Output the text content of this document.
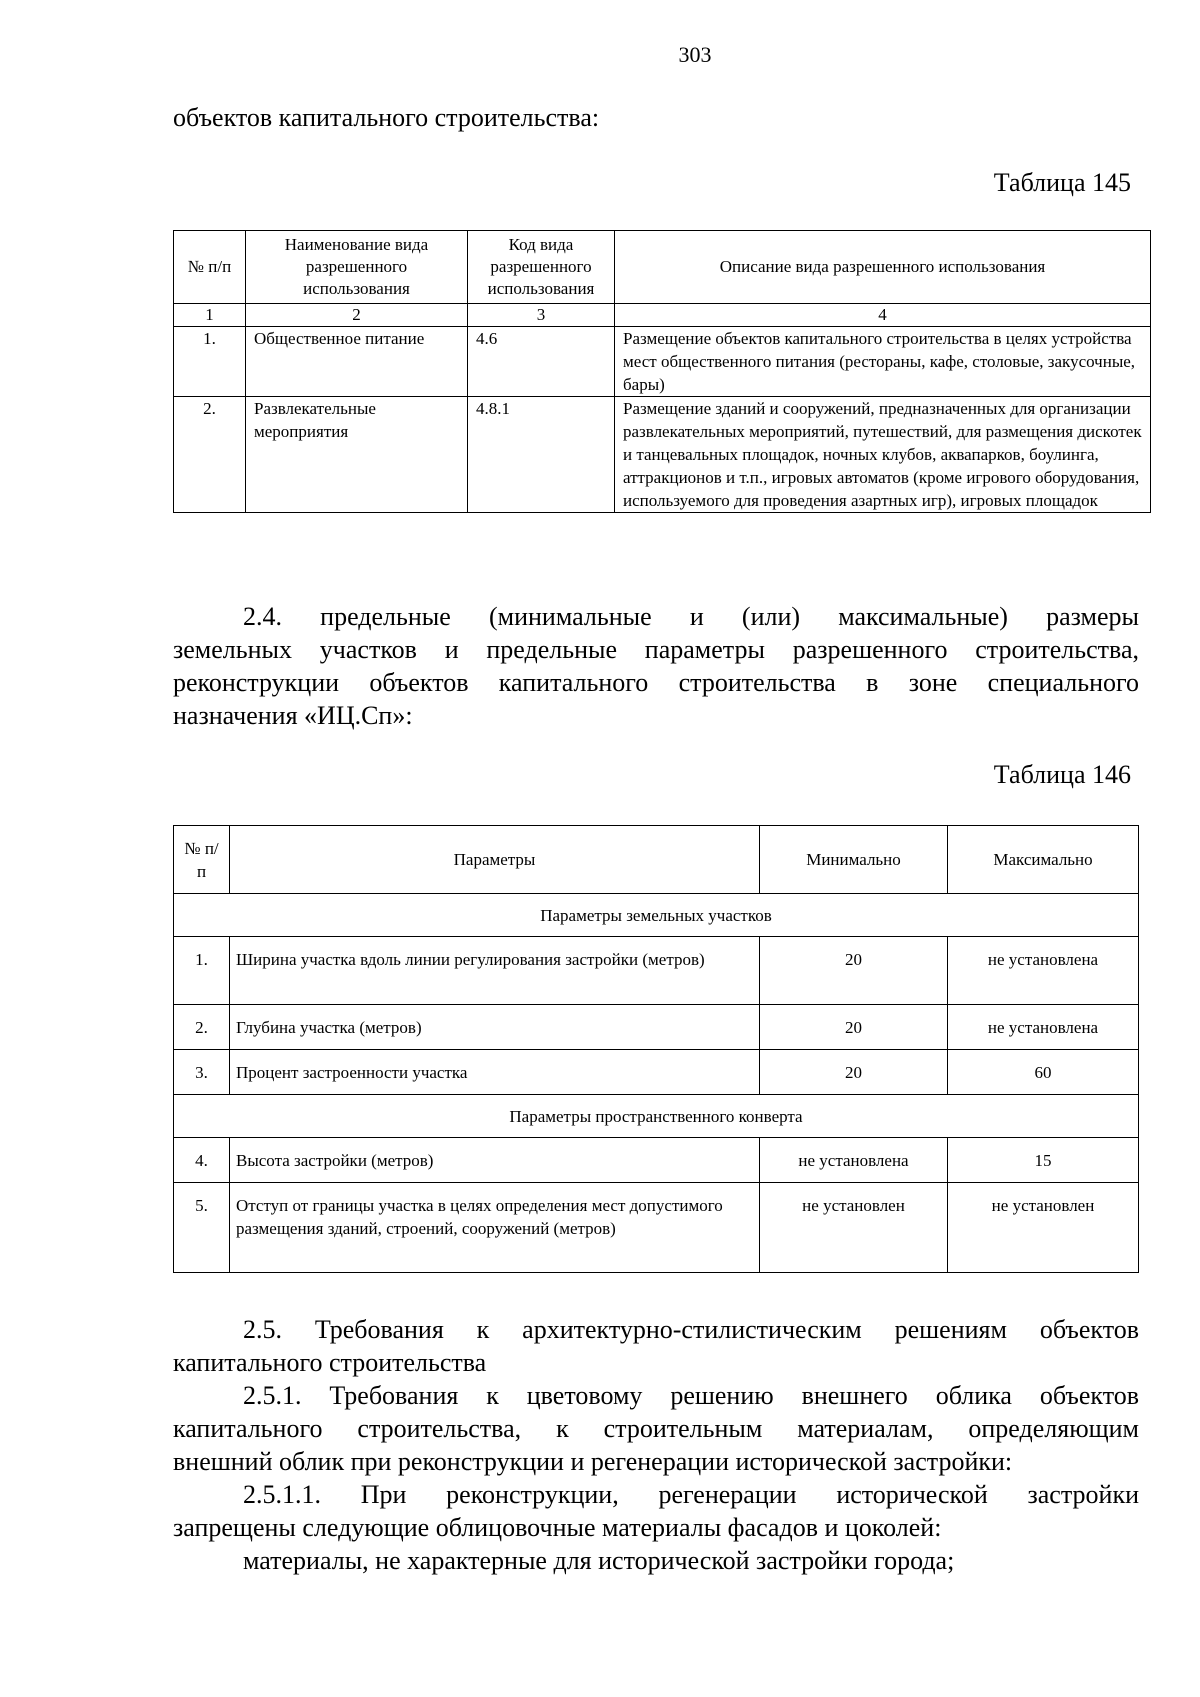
303
объектов капитального строительства:
Таблица 145
№ п/п	Наименование вида разрешенного использования	Код вида разрешенного использования	Описание вида разрешенного использования
1	2	3	4
1.	Общественное питание	4.6	Размещение объектов капитального строительства в целях устройства мест общественного питания (рестораны, кафе, столовые, закусочные, бары)
2.	Развлекательные мероприятия	4.8.1	Размещение зданий и сооружений, предназначенных для организации развлекательных мероприятий, путешествий, для размещения дискотек и танцевальных площадок, ночных клубов, аквапарков, боулинга, аттракционов и т.п., игровых автоматов (кроме игрового оборудования, используемого для проведения азартных игр), игровых площадок
2.4. предельные (минимальные и (или) максимальные) размеры
земельных участков и предельные параметры разрешенного строительства,
реконструкции объектов капитального строительства в зоне специального
назначения «ИЦ.Сп»:
Таблица 146
№ п/п	Параметры	Минимально	Максимально
Параметры земельных участков			
1.	Ширина участка вдоль линии регулирования застройки (метров)	20	не установлена
2.	Глубина участка (метров)	20	не установлена
3.	Процент застроенности участка	20	60
Параметры пространственного конверта			
4.	Высота застройки (метров)	не установлена	15
5.	Отступ от границы участка в целях определения мест допустимого размещения зданий, строений, сооружений (метров)	не установлен	не установлен
2.5. Требования к архитектурно-стилистическим решениям объектов
капитального строительства
2.5.1. Требования к цветовому решению внешнего облика объектов
капитального строительства, к строительным материалам, определяющим
внешний облик при реконструкции и регенерации исторической застройки:
2.5.1.1. При реконструкции, регенерации исторической застройки
запрещены следующие облицовочные материалы фасадов и цоколей:
материалы, не характерные для исторической застройки города;
